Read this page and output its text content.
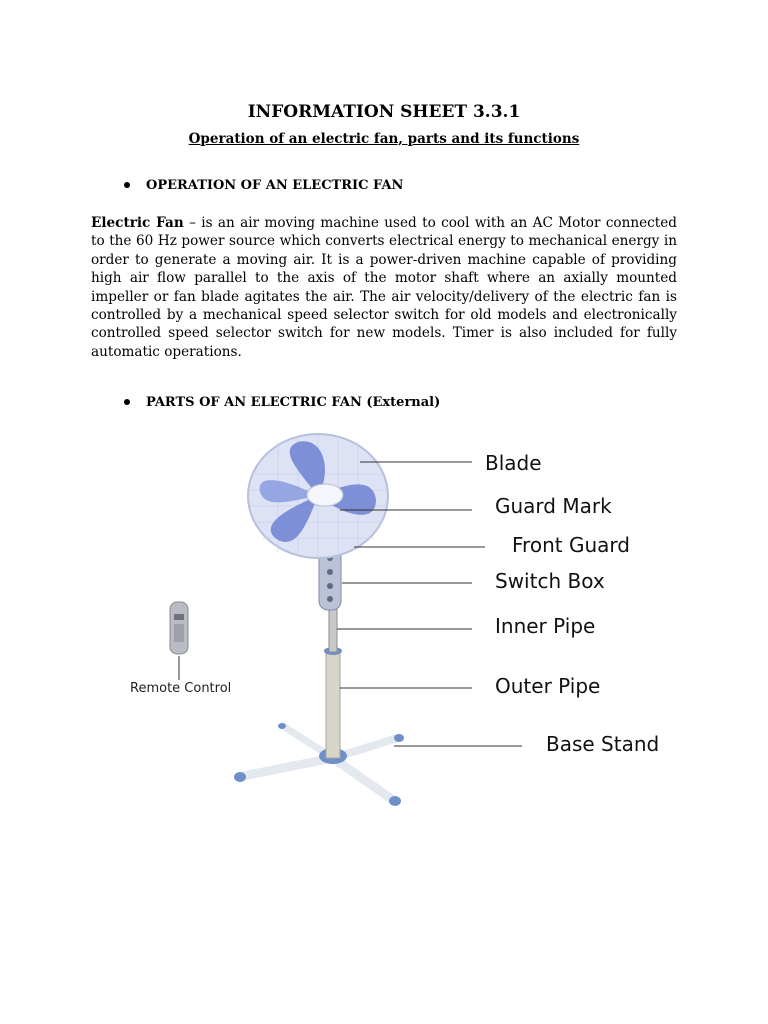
INFORMATION SHEET 3.3.1
Operation of an electric fan, parts and its functions
OPERATION OF AN ELECTRIC FAN
Electric Fan – is an air moving machine used to cool with an AC Motor connected to the 60 Hz power source which converts electrical energy to mechanical energy in order to generate a moving air. It is a power-driven machine capable of providing high air flow parallel to the axis of the motor shaft where an axially mounted impeller or fan blade agitates the air. The air velocity/delivery of the electric fan is controlled by a mechanical speed selector switch for old models and electronically controlled speed selector switch for new models. Timer is also included for fully automatic operations.
PARTS OF AN ELECTRIC FAN (External)
Blade
Guard Mark
Front Guard
Switch Box
Inner Pipe
Outer Pipe
Base Stand
Remote Control
